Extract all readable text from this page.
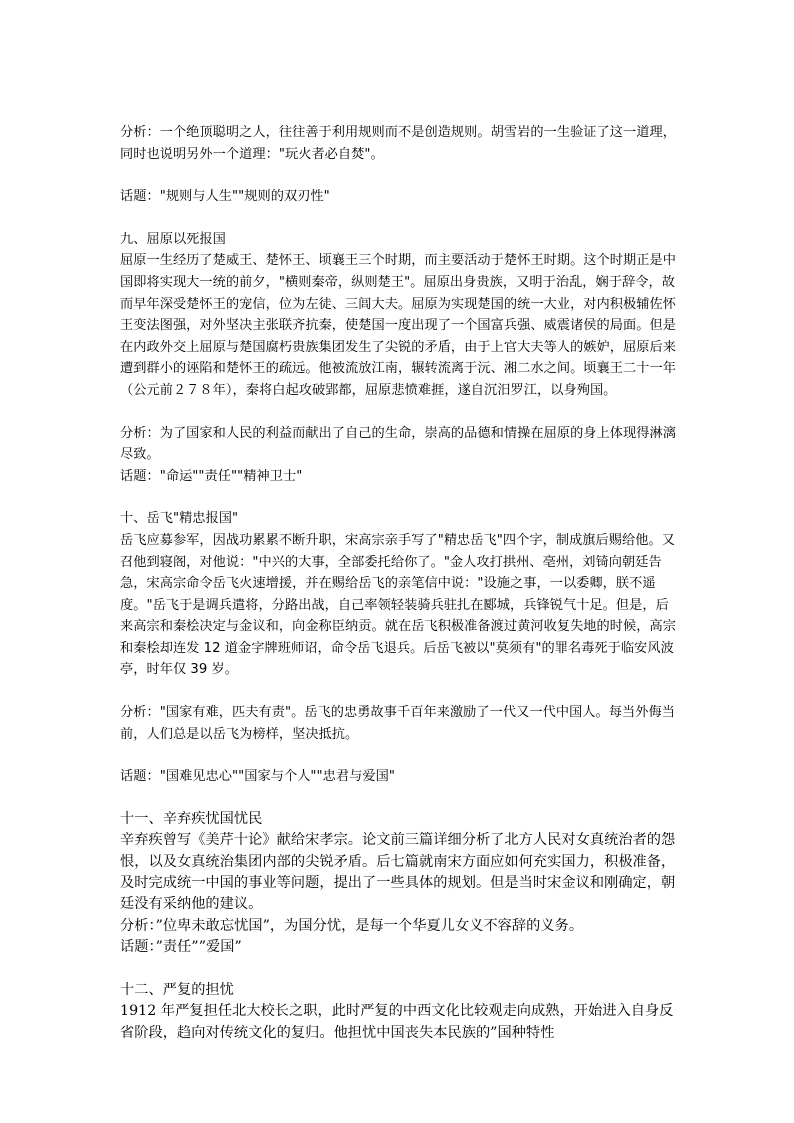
分析：一个绝顶聪明之人，往往善于利用规则而不是创造规则。胡雪岩的一生验证了这一道理，同时也说明另外一个道理："玩火者必自焚"。

话题："规则与人生""规则的双刃性"

九、屈原以死报国

屈原一生经历了楚威王、楚怀王、顷襄王三个时期，而主要活动于楚怀王时期。这个时期正是中国即将实现大一统的前夕，"横则秦帝，纵则楚王"。屈原出身贵族，又明于治乱，娴于辞令，故而早年深受楚怀王的宠信，位为左徒、三闾大夫。屈原为实现楚国的统一大业，对内积极辅佐怀王变法图强，对外坚决主张联齐抗秦，使楚国一度出现了一个国富兵强、威震诸侯的局面。但是在内政外交上屈原与楚国腐朽贵族集团发生了尖锐的矛盾，由于上官大夫等人的嫉妒，屈原后来遭到群小的诬陷和楚怀王的疏远。他被流放江南，辗转流离于沅、湘二水之间。顷襄王二十一年（公元前２７８年），秦将白起攻破郢都，屈原悲愤难捱，遂自沉汨罗江，以身殉国。

分析：为了国家和人民的利益而献出了自己的生命，崇高的品德和情操在屈原的身上体现得淋漓尽致。

话题："命运""责任""精神卫士"

十、岳飞"精忠报国"

岳飞应募参军，因战功累累不断升职，宋高宗亲手写了"精忠岳飞"四个字，制成旗后赐给他。又召他到寝阁，对他说："中兴的大事，全部委托给你了。"金人攻打拱州、亳州，刘锜向朝廷告急，宋高宗命令岳飞火速增援，并在赐给岳飞的亲笔信中说："设施之事，一以委卿，朕不遥度。"岳飞于是调兵遣将，分路出战，自己率领轻装骑兵驻扎在郾城，兵锋锐气十足。但是，后来高宗和秦桧决定与金议和，向金称臣纳贡。就在岳飞积极准备渡过黄河收复失地的时候，高宗和秦桧却连发 12 道金字牌班师诏，命令岳飞退兵。后岳飞被以"莫须有"的罪名毒死于临安风波亭，时年仅 39 岁。

分析："国家有难，匹夫有责"。岳飞的忠勇故事千百年来激励了一代又一代中国人。每当外侮当前，人们总是以岳飞为榜样，坚决抵抗。

话题："国难见忠心""国家与个人""忠君与爱国"

十一、辛弃疾忧国忧民

辛弃疾曾写《美芹十论》献给宋孝宗。论文前三篇详细分析了北方人民对女真统治者的怨恨，以及女真统治集团内部的尖锐矛盾。后七篇就南宋方面应如何充实国力，积极准备，及时完成统一中国的事业等问题，提出了一些具体的规划。但是当时宋金议和刚确定，朝廷没有采纳他的建议。

分析：”位卑未敢忘忧国”，为国分忧，是每一个华夏儿女义不容辞的义务。

话题：”责任””爱国”

十二、严复的担忧

1912 年严复担任北大校长之职，此时严复的中西文化比较观走向成熟，开始进入自身反省阶段，趋向对传统文化的复归。他担忧中国丧失本民族的”国种特性
